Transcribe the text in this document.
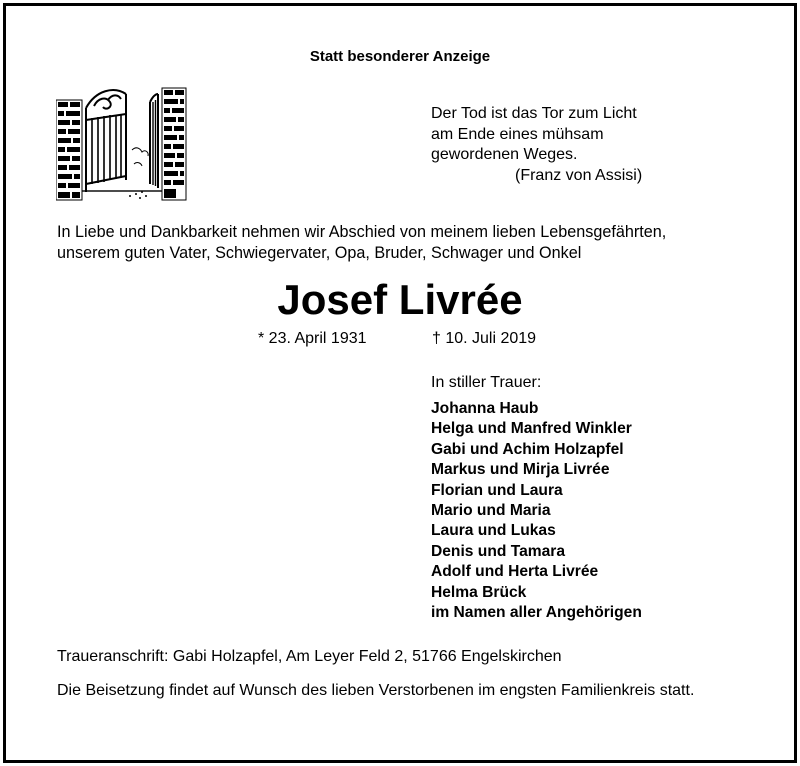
Statt besonderer Anzeige
Der Tod ist das Tor zum Licht
am Ende eines mühsam
gewordenen Weges.
(Franz von Assisi)
In Liebe und Dankbarkeit nehmen wir Abschied von meinem lieben Lebensgefährten,
unserem guten Vater, Schwiegervater, Opa, Bruder, Schwager und Onkel
Josef Livrée
* 23. April 1931	† 10. Juli 2019
In stiller Trauer:
Johanna Haub
Helga und Manfred Winkler
Gabi und Achim Holzapfel
Markus und Mirja Livrée
Florian und Laura
Mario und Maria
Laura und Lukas
Denis und Tamara
Adolf und Herta Livrée
Helma Brück
im Namen aller Angehörigen
Traueranschrift: Gabi Holzapfel, Am Leyer Feld 2, 51766 Engelskirchen
Die Beisetzung findet auf Wunsch des lieben Verstorbenen im engsten Familienkreis statt.
